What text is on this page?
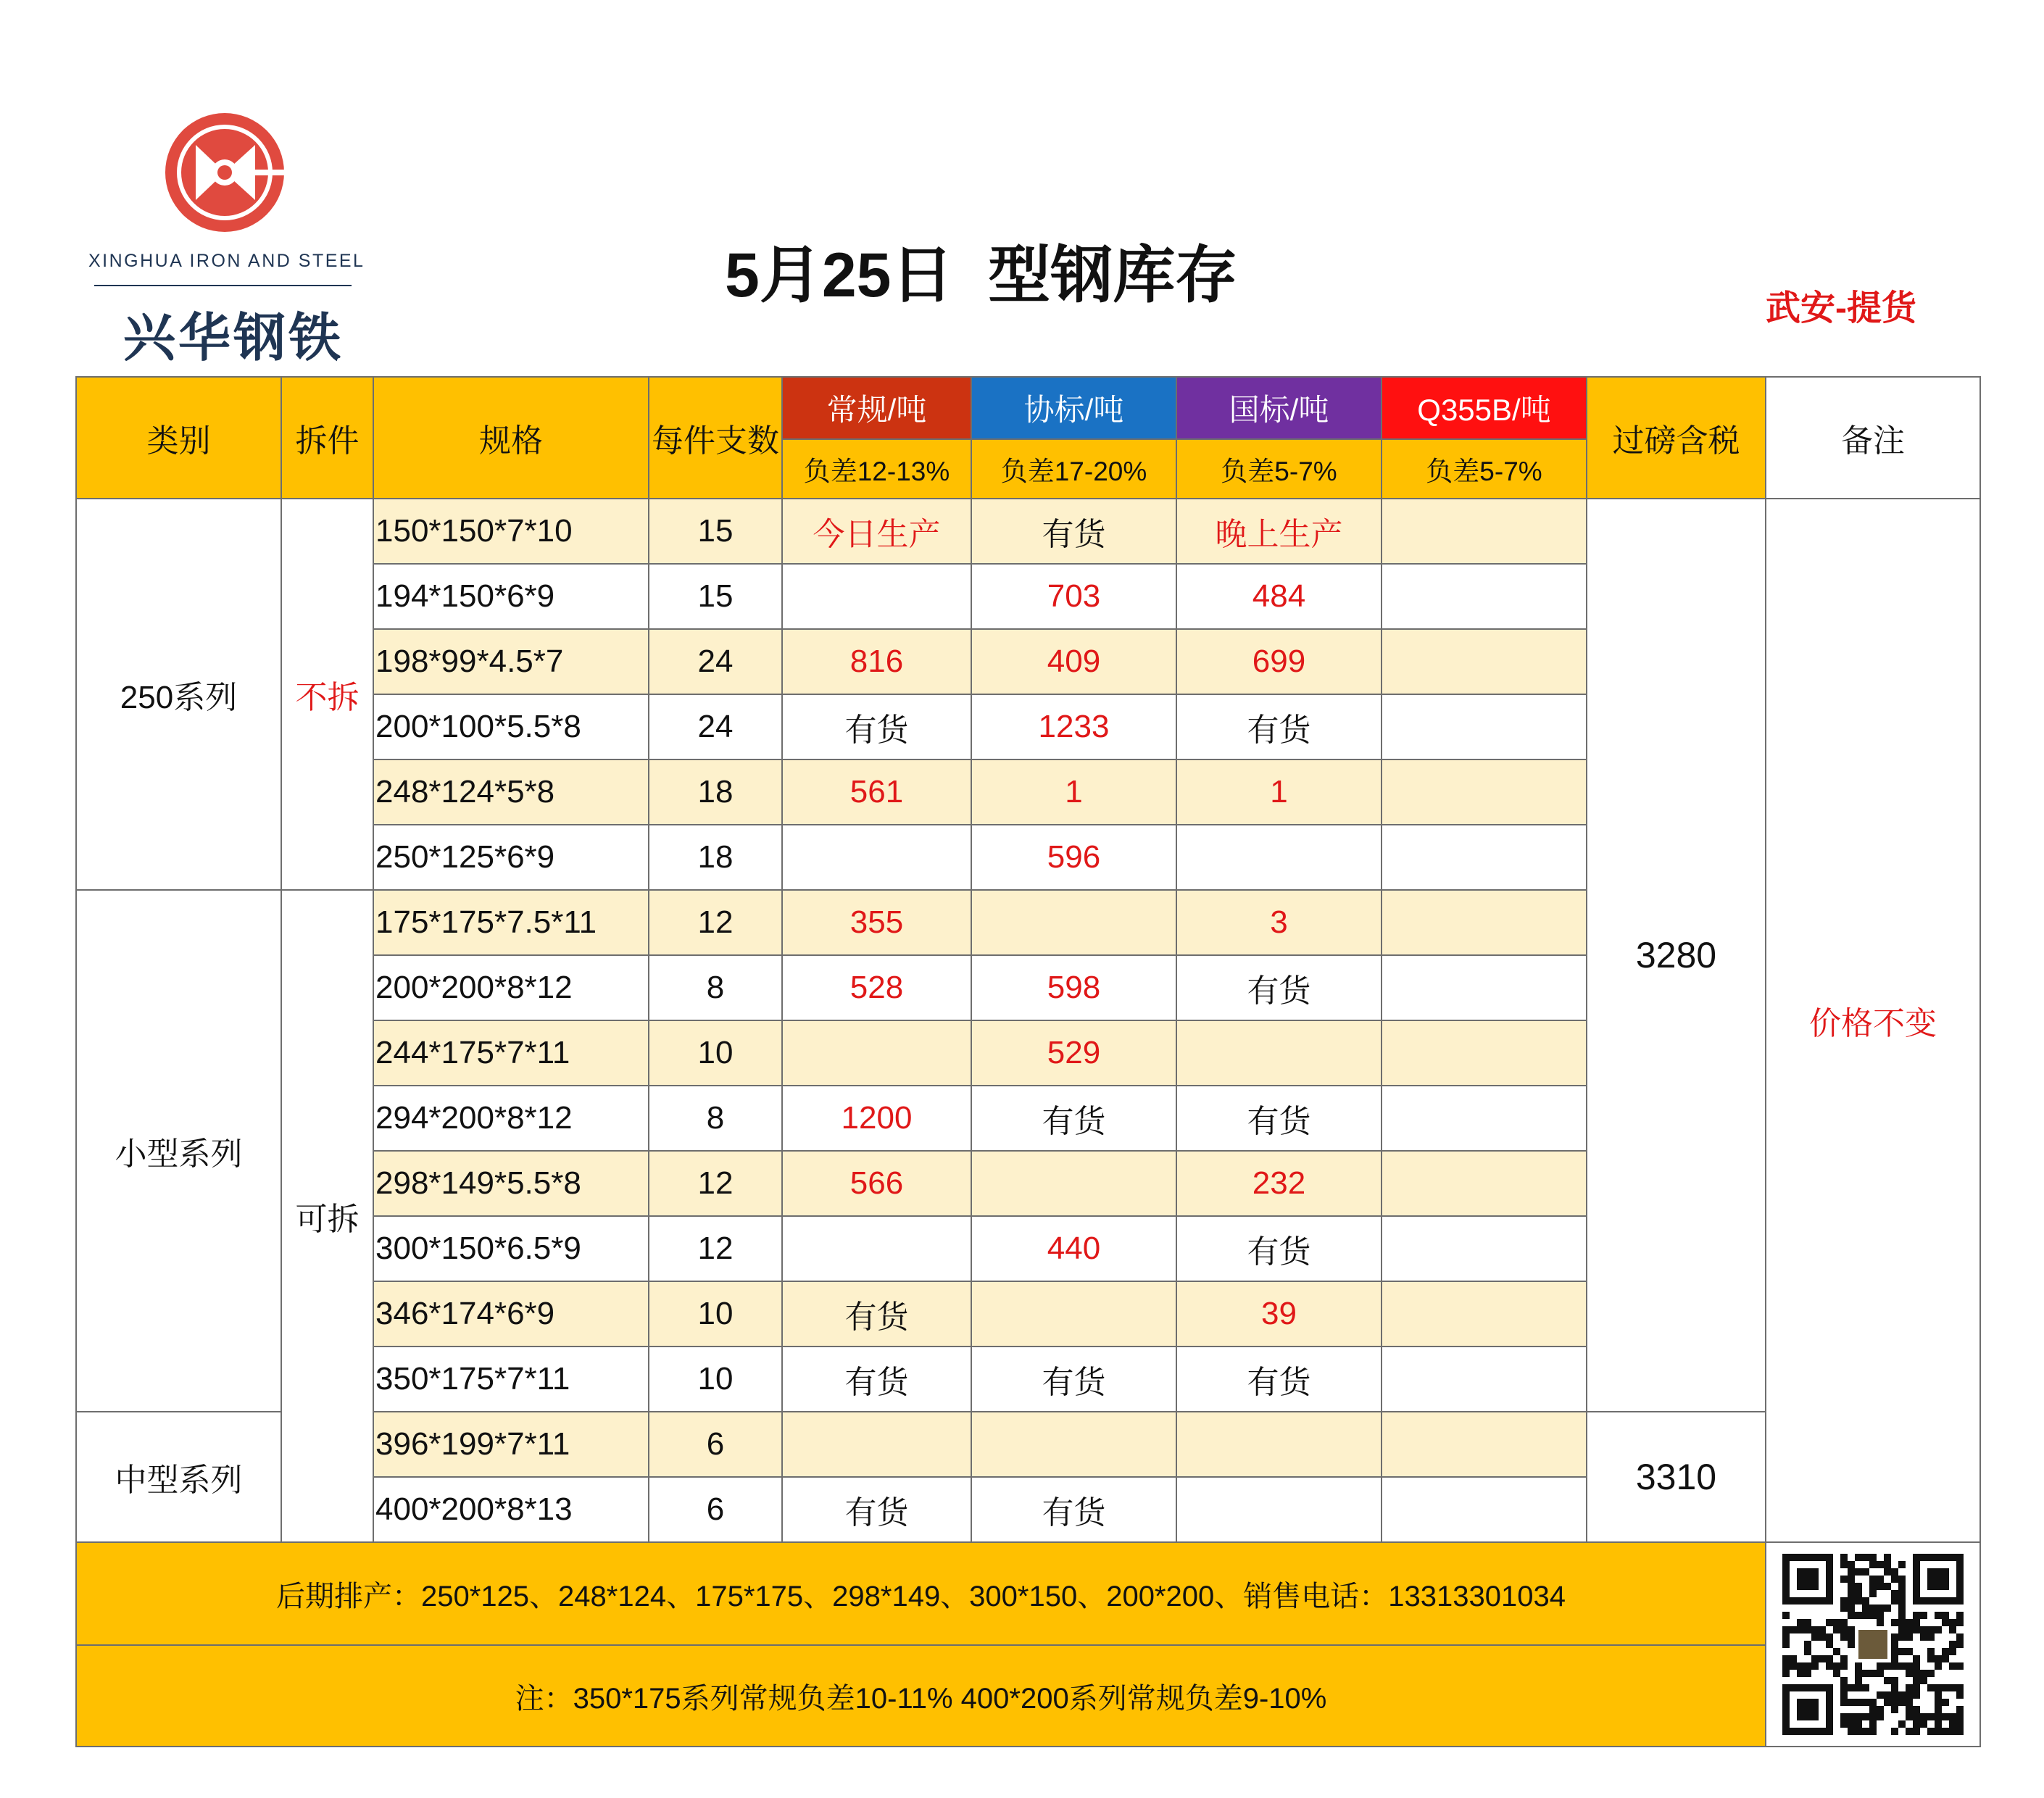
XINGHUA IRON AND STEEL
兴华钢铁
5月25日  型钢库存	武安-提货
类别	拆件	规格	每件支数	常规/吨	协标/吨	国标/吨	Q355B/吨	过磅含税	备注
				负差12-13%	负差17-20%	负差5-7%	负差5-7%		
250系列	不拆	150*150*7*10	15	今日生产	有货	晚上生产		3280	价格不变
		194*150*6*9	15		703	484			
		198*99*4.5*7	24	816	409	699			
		200*100*5.5*8	24	有货	1233	有货			
		248*124*5*8	18	561	1	1			
		250*125*6*9	18		596				
小型系列	可拆	175*175*7.5*11	12	355		3			
		200*200*8*12	8	528	598	有货			
		244*175*7*11	10		529				
		294*200*8*12	8	1200	有货	有货			
		298*149*5.5*8	12	566		232			
		300*150*6.5*9	12		440	有货			
		346*174*6*9	10	有货		39			
		350*175*7*11	10	有货	有货	有货			
中型系列		396*199*7*11	6					3310	
		400*200*8*13	6	有货	有货				
后期排产：250*125、248*124、175*175、298*149、300*150、200*200、销售电话：13313301034	

注：350*175系列常规负差10-11% 400*200系列常规负差9-10%									
